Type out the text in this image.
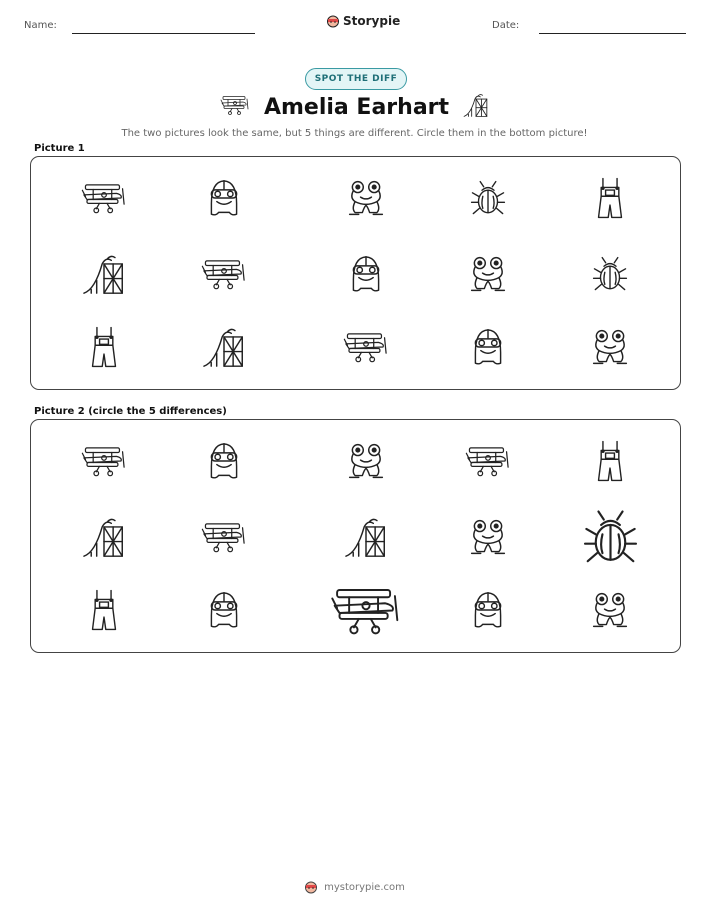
Name:	Storypie	Date:
SPOT THE DIFF
Amelia Earhart
The two pictures look the same, but 5 things are different. Circle them in the bottom picture!
Picture 1
Picture 2 (circle the 5 differences)
mystorypie.com
